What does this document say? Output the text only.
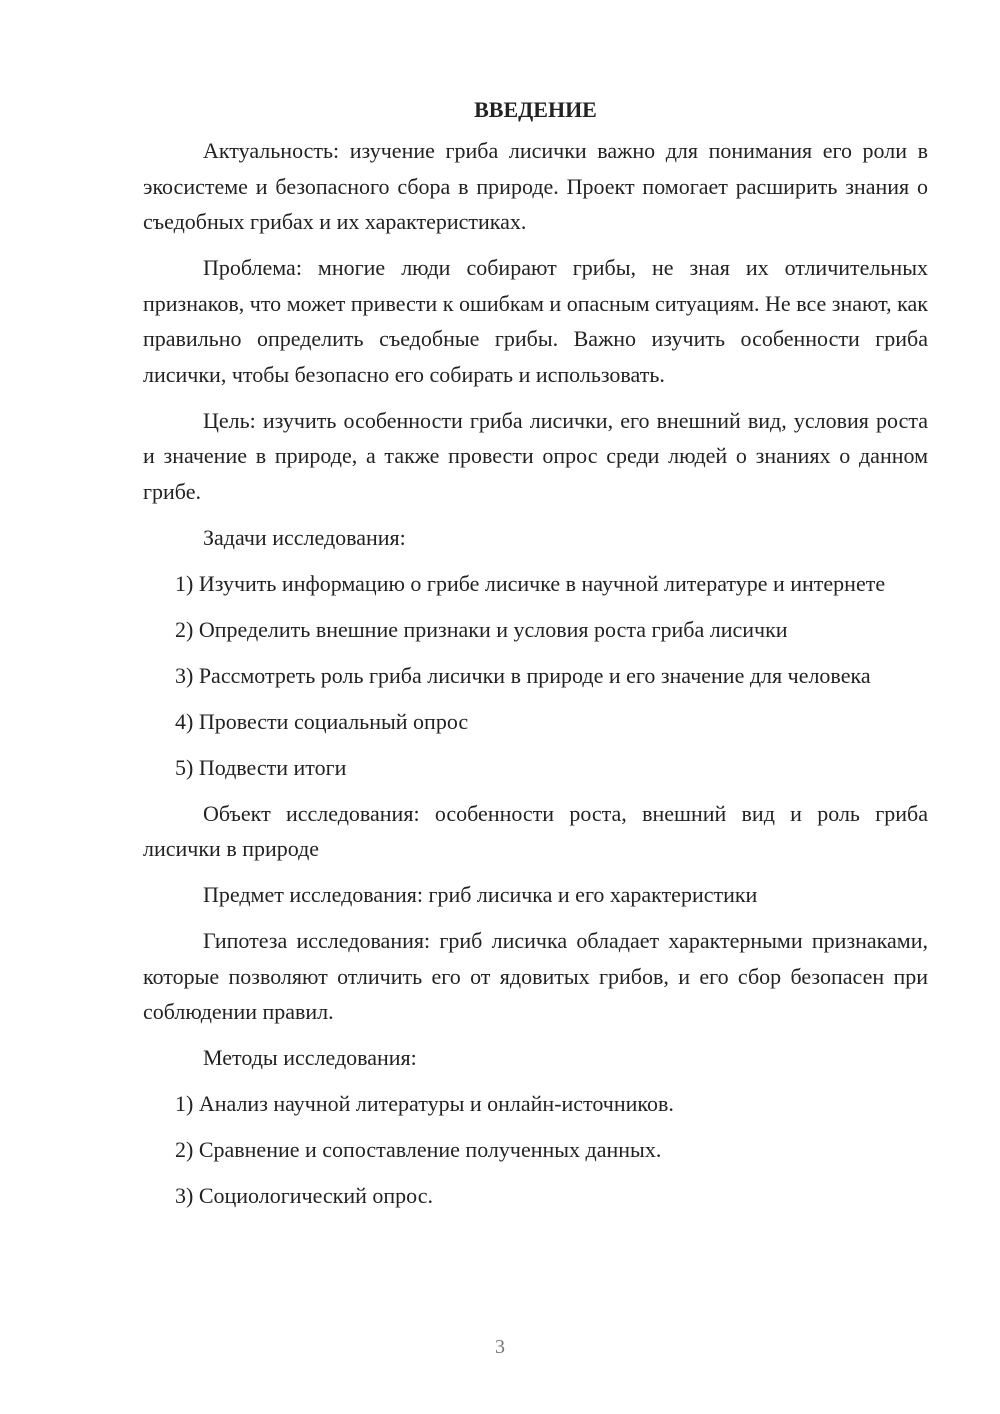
ВВЕДЕНИЕ

Актуальность: изучение гриба лисички важно для понимания его роли в экосистеме и безопасного сбора в природе. Проект помогает расширить знания о съедобных грибах и их характеристиках.

Проблема: многие люди собирают грибы, не зная их отличительных признаков, что может привести к ошибкам и опасным ситуациям. Не все знают, как правильно определить съедобные грибы. Важно изучить особенности гриба лисички, чтобы безопасно его собирать и использовать.

Цель: изучить особенности гриба лисички, его внешний вид, условия роста и значение в природе, а также провести опрос среди людей о знаниях о данном грибе.

Задачи исследования:

1) Изучить информацию о грибе лисичке в научной литературе и интернете

2) Определить внешние признаки и условия роста гриба лисички

3) Рассмотреть роль гриба лисички в природе и его значение для человека

4) Провести социальный опрос

5) Подвести итоги

Объект исследования: особенности роста, внешний вид и роль гриба лисички в природе

Предмет исследования: гриб лисичка и его характеристики

Гипотеза исследования: гриб лисичка обладает характерными признаками, которые позволяют отличить его от ядовитых грибов, и его сбор безопасен при соблюдении правил.

Методы исследования:

1) Анализ научной литературы и онлайн-источников.

2) Сравнение и сопоставление полученных данных.

3) Социологический опрос.

3
